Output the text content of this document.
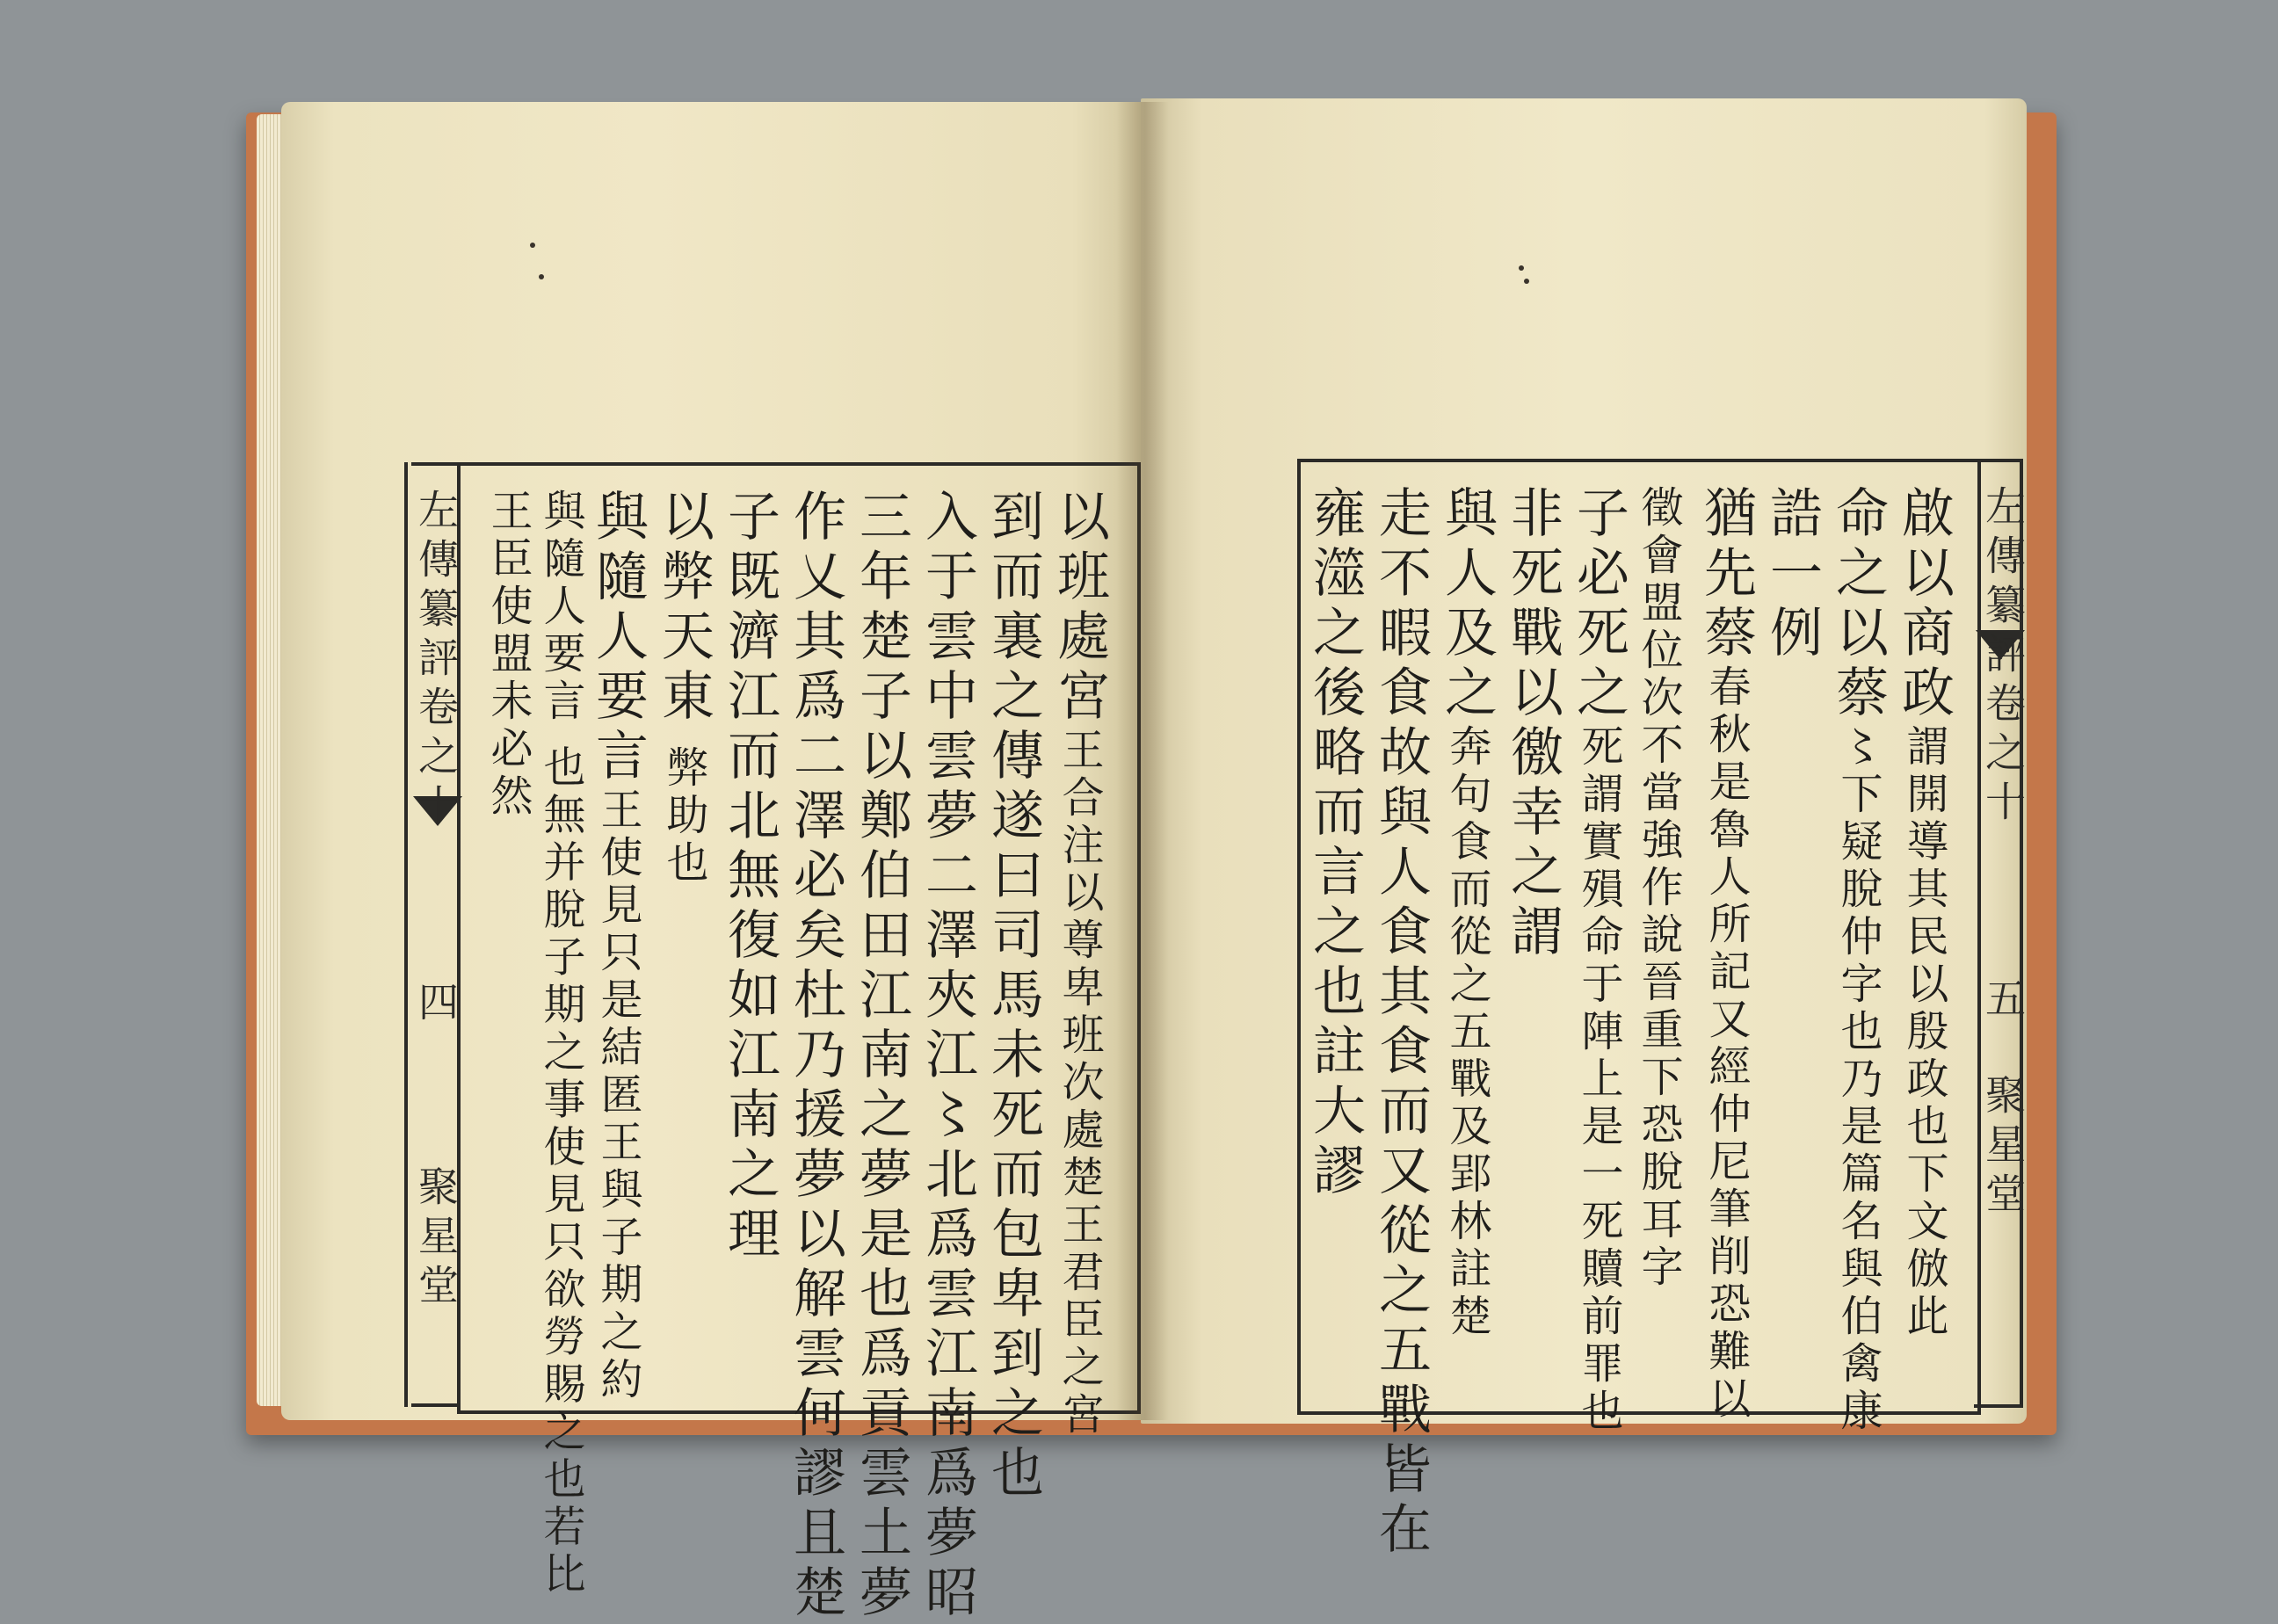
左傳纂評卷之十
四
聚星堂
以班處宮王合注以尊卑班次處楚王君臣之宮
到而裏之傳遂曰司馬未死而包卑到之也
入于雲中雲夢二澤夾江〻北爲雲江南爲夢昭
三年楚子以鄭伯田江南之夢是也爲貢雲土夢
作乂其爲二澤必矣杜乃援夢以解雲何謬且楚
子既濟江而北無復如江南之理
以弊天東弊助也
與隨人要言王使見只是結匿王與子期之約
與隨人要言 也無并脫子期之事使見只欲勞賜之也若比
王臣使盟未必然	左傳纂評卷之十
五
聚星堂
啟以商政謂開導其民以殷政也下文倣此
命之以蔡〻下疑脫仲字也乃是篇名與伯禽康
誥一例
猶先蔡春秋是魯人所記又經仲尼筆削恐難以
徵會盟位次不當強作說晉重下恐脫耳字
子必死之死謂實殞命于陣上是一死贖前罪也
非死戰以徼幸之謂
與人及之奔句食而從之五戰及郢林註楚
走不暇食故與人食其食而又從之五戰皆在
雍澨之後略而言之也註大謬
